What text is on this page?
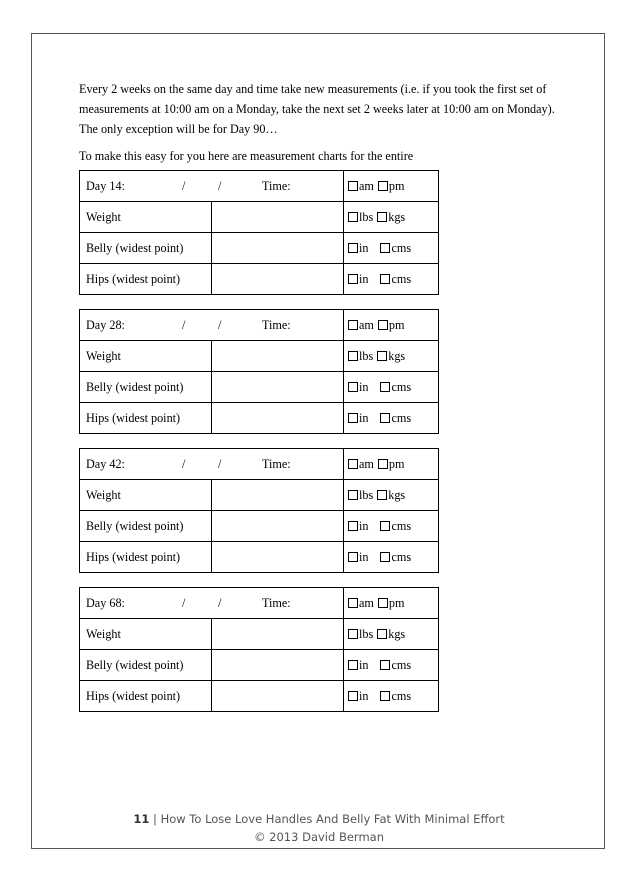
Every 2 weeks on the same day and time take new measurements (i.e. if you took the first set of measurements at 10:00 am on a Monday, take the next set 2 weeks later at 10:00 am on Monday). The only exception will be for Day 90…

To make this easy for you here are measurement charts for the entire

Day 14: / / Time:		am pm
Weight		lbs kgs
Belly (widest point)		in cms
Hips (widest point)		in cms
Day 28: / / Time:		am pm
Weight		lbs kgs
Belly (widest point)		in cms
Hips (widest point)		in cms
Day 42: / / Time:		am pm
Weight		lbs kgs
Belly (widest point)		in cms
Hips (widest point)		in cms
Day 68: / / Time:		am pm
Weight		lbs kgs
Belly (widest point)		in cms
Hips (widest point)		in cms
11 | How To Lose Love Handles And Belly Fat With Minimal Effort
© 2013 David Berman
